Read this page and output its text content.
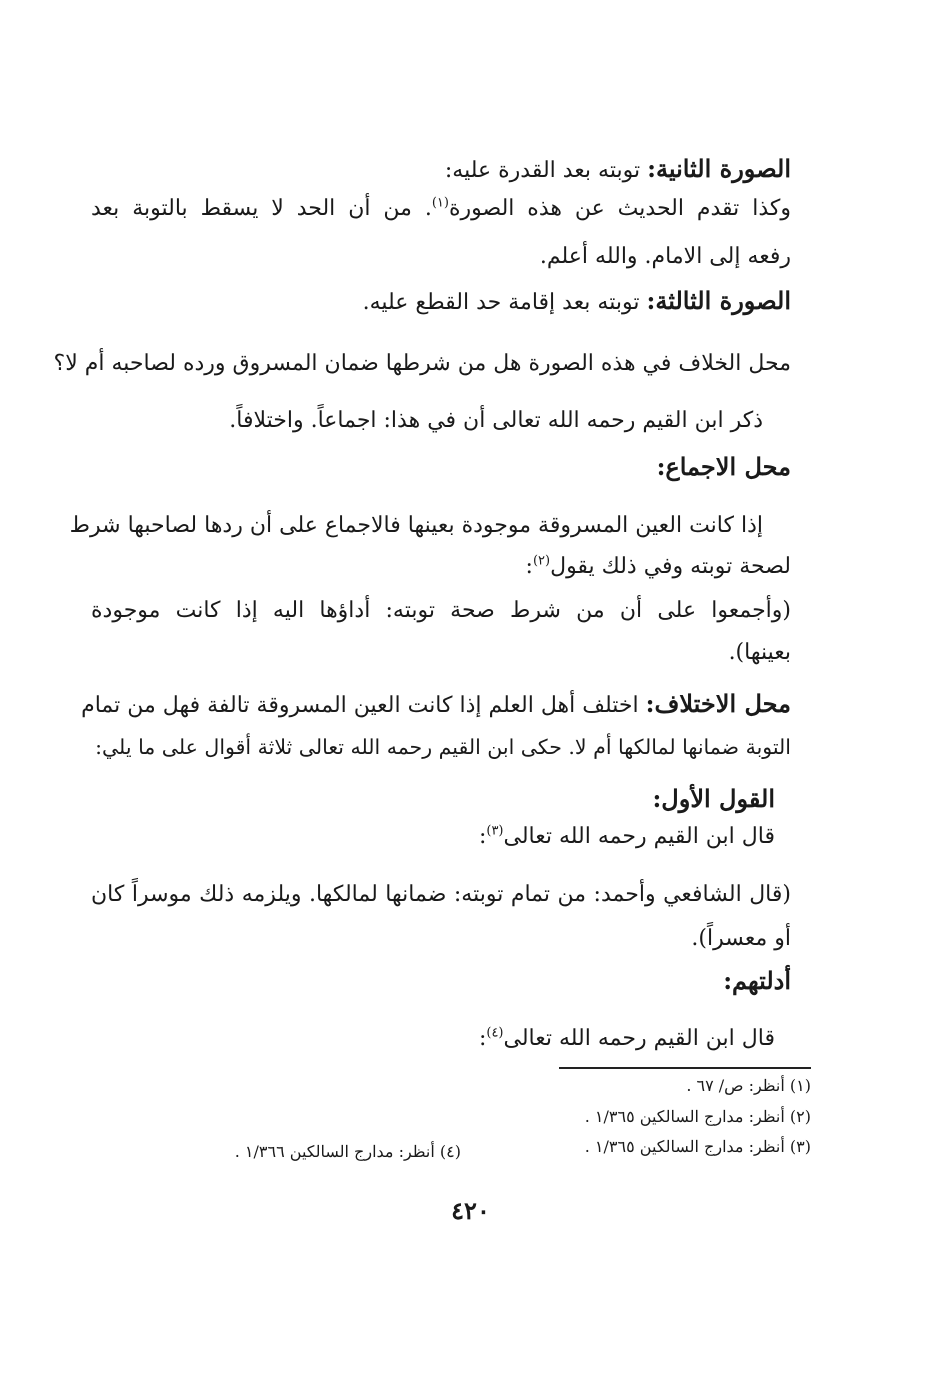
الصورة الثانية: توبته بعد القدرة عليه:
وكذا تقدم الحديث عن هذه الصورة$^{(١)}$. من أن الحد لا يسقط بالتوبة بعد
رفعه إلى الامام. والله أعلم.
الصورة الثالثة: توبته بعد إقامة حد القطع عليه.
محل الخلاف في هذه الصورة هل من شرطها ضمان المسروق ورده لصاحبه أم لا؟
ذكر ابن القيم رحمه الله تعالى أن في هذا: اجماعاً. واختلافاً.
محل الاجماع:
إذا كانت العين المسروقة موجودة بعينها فالاجماع على أن ردها لصاحبها شرط
لصحة توبته وفي ذلك يقول$^{(٢)}$:
(وأجمعوا على أن من شرط صحة توبته: أداؤها اليه إذا كانت موجودة
بعينها).
محل الاختلاف: اختلف أهل العلم إذا كانت العين المسروقة تالفة فهل من تمام
التوبة ضمانها لمالكها أم لا. حكى ابن القيم رحمه الله تعالى ثلاثة أقوال على ما يلي:
القول الأول:
قال ابن القيم رحمه الله تعالى$^{(٣)}$:
(قال الشافعي وأحمد: من تمام توبته: ضمانها لمالكها. ويلزمه ذلك موسراً كان
أو معسراً).
أدلتهم:
قال ابن القيم رحمه الله تعالى$^{(٤)}$:
(١) أنظر: ص/ ٦٧ .
(٢) أنظر: مدارج السالكين ١/٣٦٥ .
(٣) أنظر: مدارج السالكين ١/٣٦٥ .
(٤) أنظر: مدارج السالكين ١/٣٦٦ .
٤٢٠
